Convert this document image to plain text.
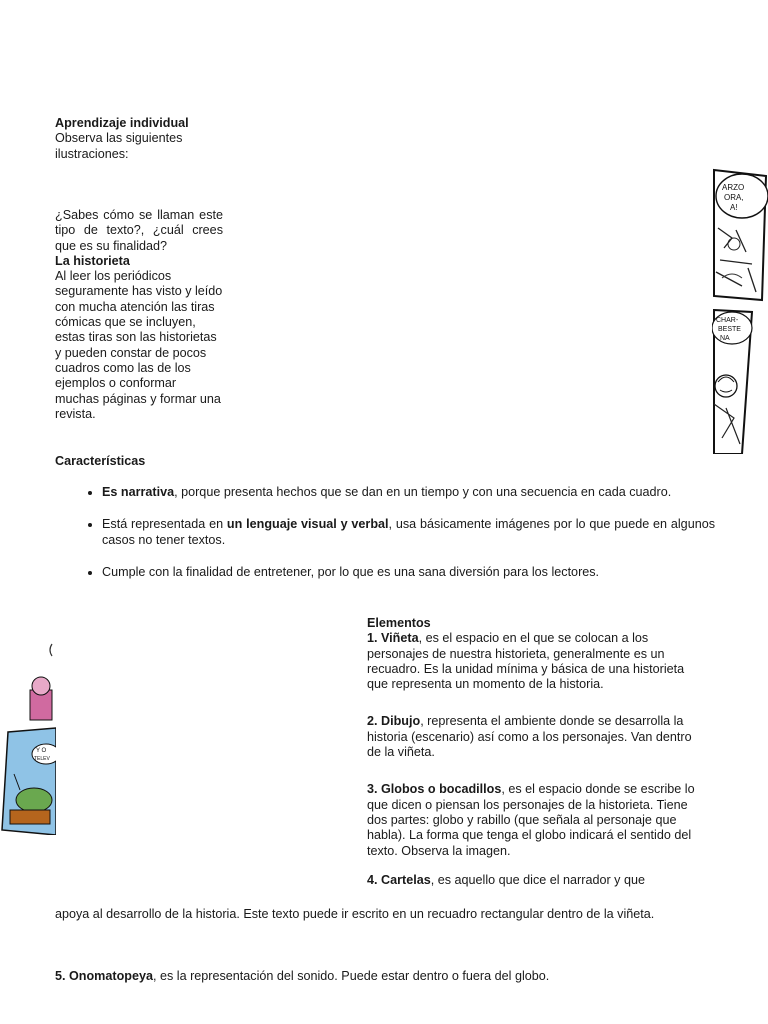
Aprendizaje individual
Observa las siguientes ilustraciones:
¿Sabes cómo se llaman este tipo de texto?, ¿cuál crees que es su finalidad?
La historieta
Al leer los periódicos seguramente has visto y leído con mucha atención las tiras cómicas que se incluyen, estas tiras son las historietas y pueden constar de pocos cuadros como las de los ejemplos o conformar muchas páginas y formar una revista.
Características
• Es narrativa, porque presenta hechos que se dan en un tiempo y con una secuencia en cada cuadro.
• Está representada en un lenguaje visual y verbal, usa básicamente imágenes por lo que puede en algunos casos no tener textos.
• Cumple con la finalidad de entretener, por lo que es una sana diversión para los lectores.
Elementos

1. Viñeta, es el espacio en el que se colocan a los personajes de nuestra historieta, generalmente es un recuadro. Es la unidad mínima y básica de una historieta que representa un momento de la historia.

2. Dibujo, representa el ambiente donde se desarrolla la historia (escenario) así como a los personajes. Van dentro de la viñeta.

3. Globos o bocadillos, es el espacio donde se escribe lo que dicen o piensan los personajes de la historieta. Tiene dos partes: globo y rabillo (que señala al personaje que habla). La forma que tenga el globo indicará el sentido del texto. Observa la imagen.

4. Cartelas, es aquello que dice el narrador y que

apoya al desarrollo de la historia. Este texto puede ir escrito en un recuadro rectangular dentro de la viñeta.
5. Onomatopeya, es la representación del sonido. Puede estar dentro o fuera del globo.
ARZO
ORA,
A!
CHAR-
BESTE
NA
Y O
TELEV
